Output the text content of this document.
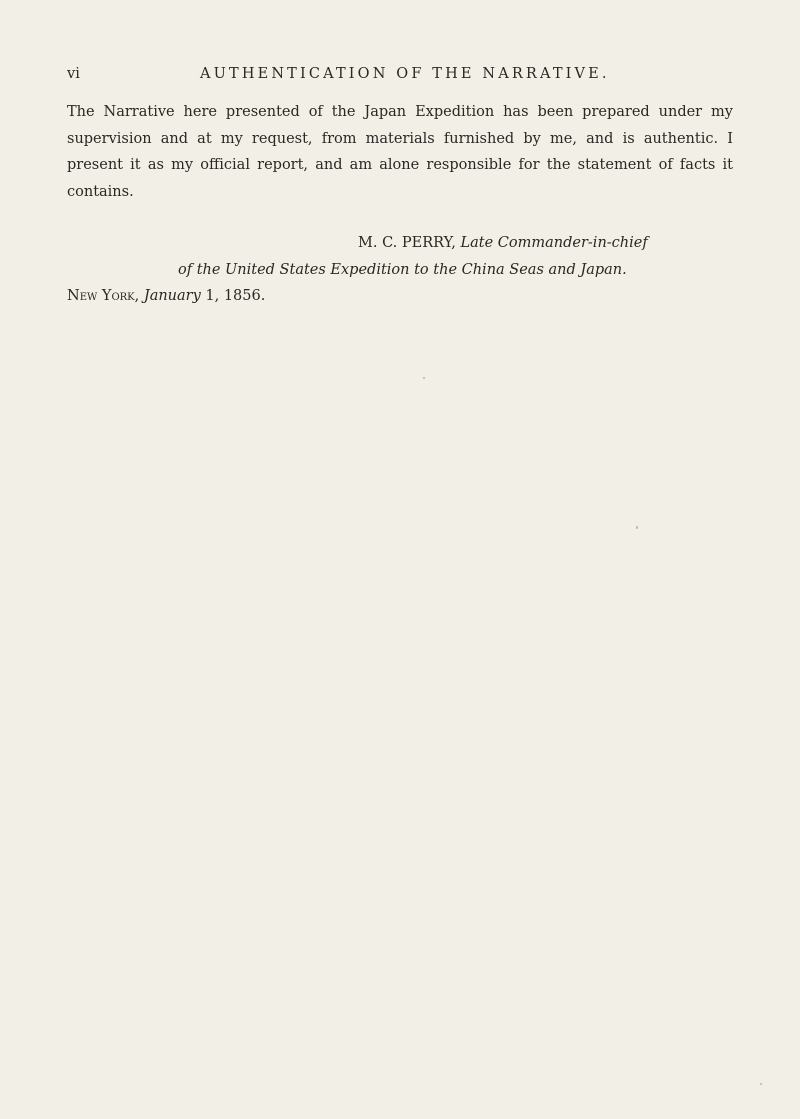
vi	AUTHENTICATION OF THE NARRATIVE.

The Narrative here presented of the Japan Expedition has been prepared under my supervision and at my request, from materials furnished by me, and is authentic. I present it as my official report, and am alone responsible for the statement of facts it contains.

M. C. PERRY, Late Commander-in-chief
of the United States Expedition to the China Seas and Japan.
New York, January 1, 1856.
